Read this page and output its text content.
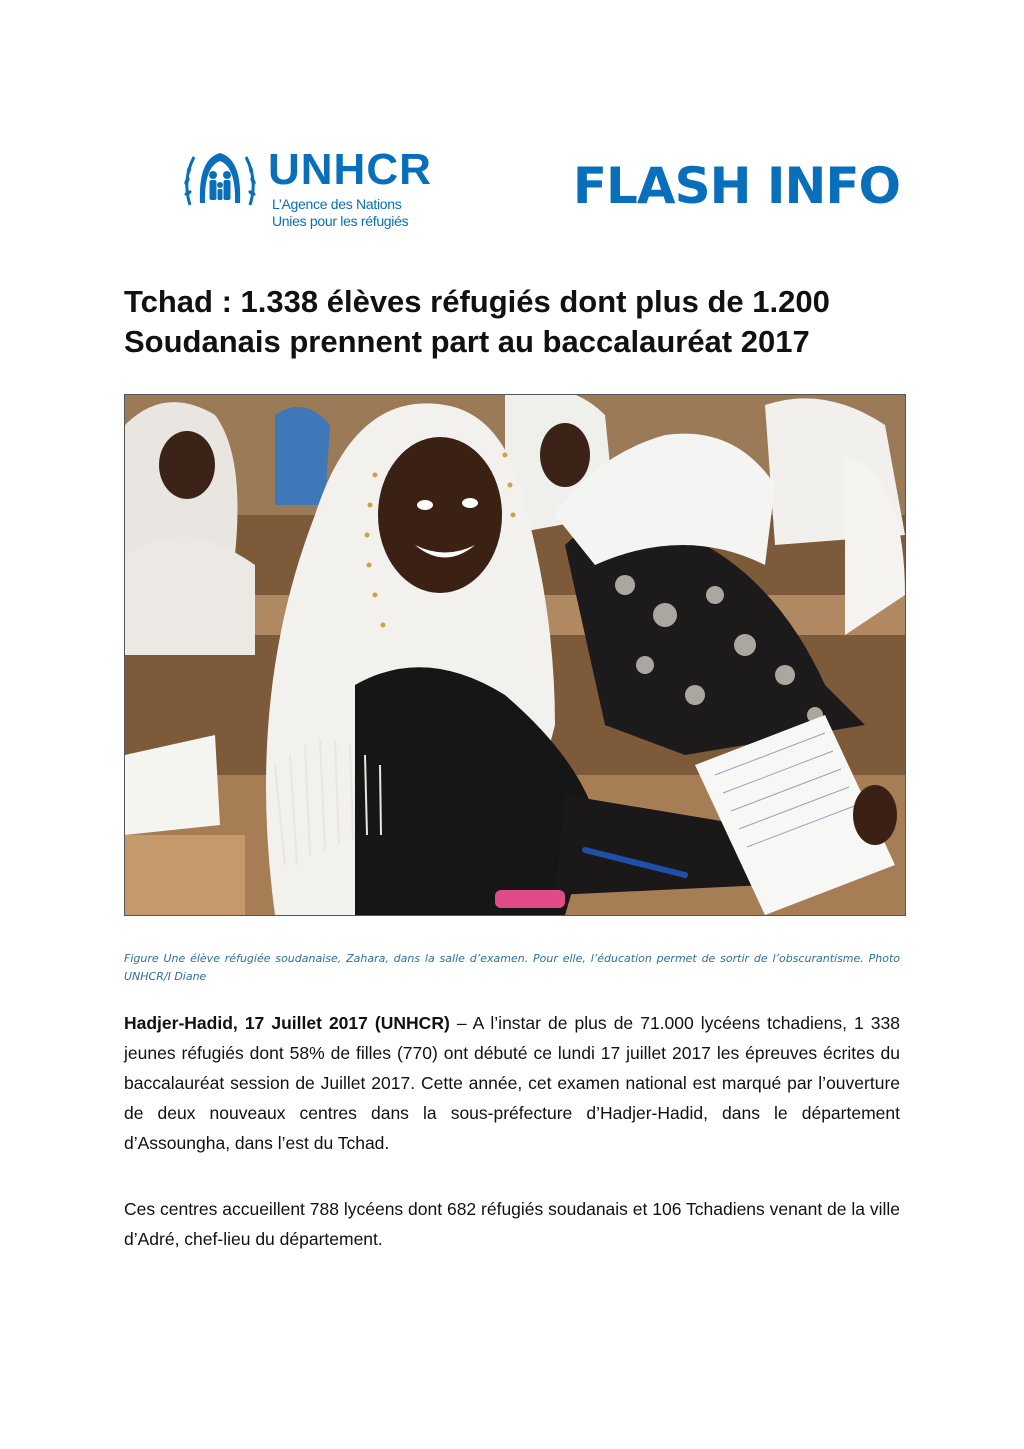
UNHCR

L’Agence des Nations
Unies pour les réfugiés

FLASH INFO

Tchad : 1.338 élèves réfugiés dont plus de 1.200 Soudanais prennent part au baccalauréat 2017

Figure Une élève réfugiée soudanaise, Zahara, dans la salle d’examen. Pour elle, l’éducation permet de sortir de l’obscurantisme. Photo UNHCR/I Diane

Hadjer-Hadid, 17 Juillet 2017 (UNHCR) – A l’instar de plus de 71.000 lycéens tchadiens, 1 338 jeunes réfugiés dont 58% de filles (770) ont débuté ce lundi 17 juillet 2017 les épreuves écrites du baccalauréat session de Juillet 2017. Cette année, cet examen national est marqué par l’ouverture de deux nouveaux centres dans la sous-préfecture d’Hadjer-Hadid, dans le département d’Assoungha, dans l’est du Tchad.

Ces centres accueillent 788 lycéens dont 682 réfugiés soudanais et 106 Tchadiens venant de la ville d’Adré, chef-lieu du département.
